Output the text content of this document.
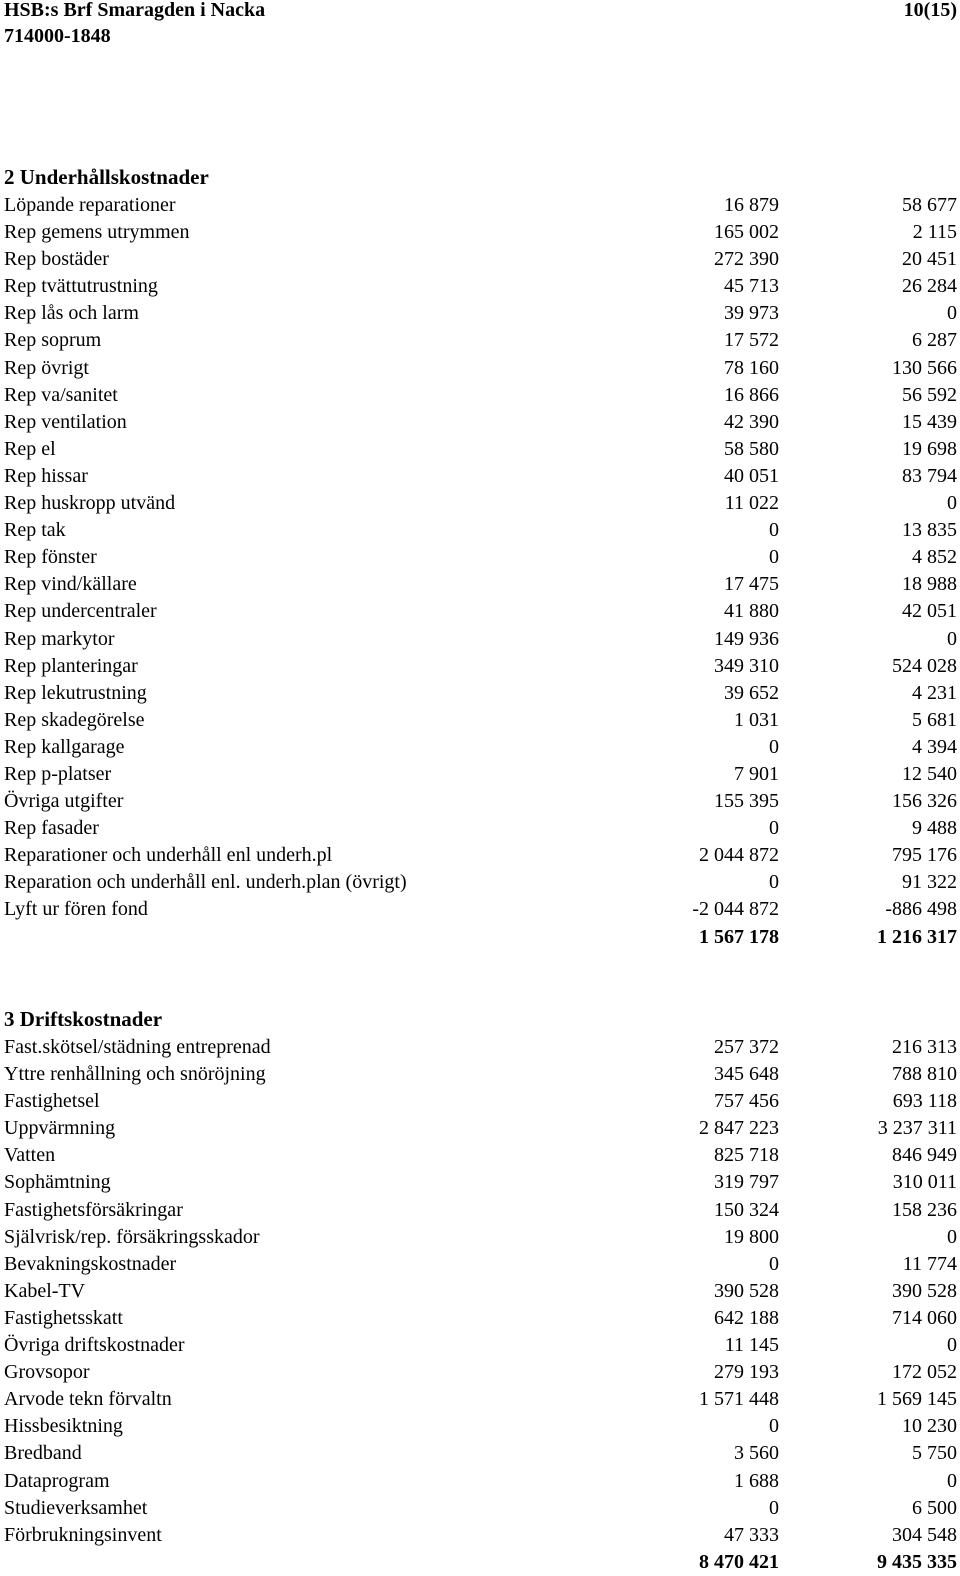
HSB:s Brf Smaragden i Nacka
714000-1848
10(15)
2 Underhållskostnader
Löpande reparationer	16 879	58 677
Rep gemens utrymmen	165 002	2 115
Rep bostäder	272 390	20 451
Rep tvättutrustning	45 713	26 284
Rep lås och larm	39 973	0
Rep soprum	17 572	6 287
Rep övrigt	78 160	130 566
Rep va/sanitet	16 866	56 592
Rep ventilation	42 390	15 439
Rep el	58 580	19 698
Rep hissar	40 051	83 794
Rep huskropp utvänd	11 022	0
Rep tak	0	13 835
Rep fönster	0	4 852
Rep vind/källare	17 475	18 988
Rep undercentraler	41 880	42 051
Rep markytor	149 936	0
Rep planteringar	349 310	524 028
Rep lekutrustning	39 652	4 231
Rep skadegörelse	1 031	5 681
Rep kallgarage	0	4 394
Rep p-platser	7 901	12 540
Övriga utgifter	155 395	156 326
Rep fasader	0	9 488
Reparationer och underhåll enl underh.pl	2 044 872	795 176
Reparation och underhåll enl. underh.plan (övrigt)	0	91 322
Lyft ur fören fond	-2 044 872	-886 498
1 567 178	1 216 317
3 Driftskostnader
Fast.skötsel/städning entreprenad	257 372	216 313
Yttre renhållning och snöröjning	345 648	788 810
Fastighetsel	757 456	693 118
Uppvärmning	2 847 223	3 237 311
Vatten	825 718	846 949
Sophämtning	319 797	310 011
Fastighetsförsäkringar	150 324	158 236
Självrisk/rep. försäkringsskador	19 800	0
Bevakningskostnader	0	11 774
Kabel-TV	390 528	390 528
Fastighetsskatt	642 188	714 060
Övriga driftskostnader	11 145	0
Grovsopor	279 193	172 052
Arvode tekn förvaltn	1 571 448	1 569 145
Hissbesiktning	0	10 230
Bredband	3 560	5 750
Dataprogram	1 688	0
Studieverksamhet	0	6 500
Förbrukningsinvent	47 333	304 548
8 470 421	9 435 335
